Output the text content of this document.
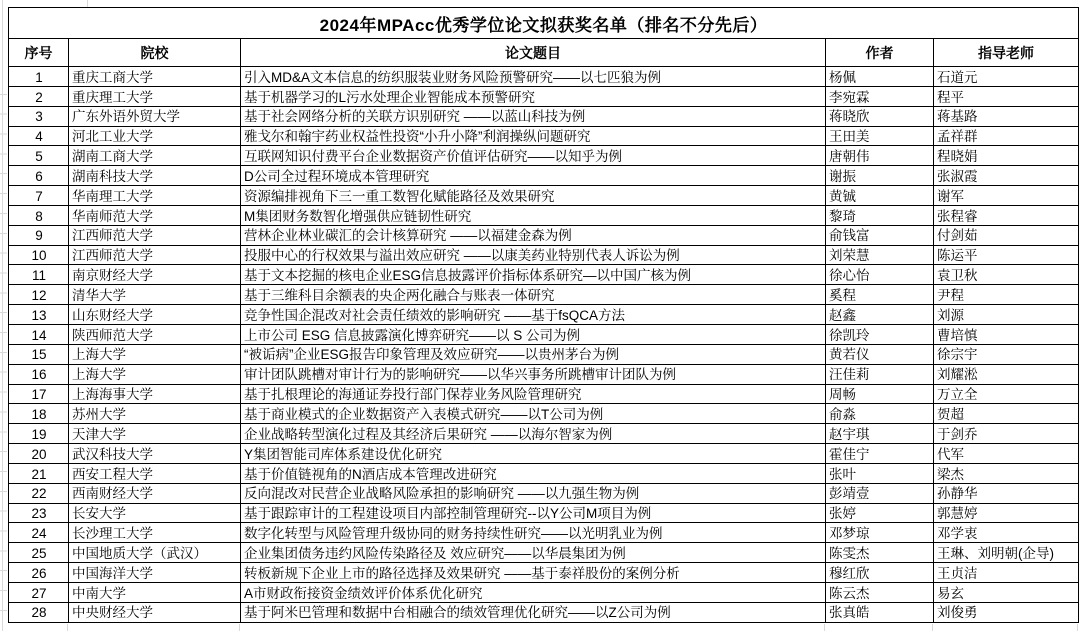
2024年MPAcc优秀学位论文拟获奖名单（排名不分先后）				
序号	院校	论文题目	作者	指导老师
1	重庆工商大学	引入MD&A文本信息的纺织服装业财务风险预警研究——以七匹狼为例	杨佩	石道元
2	重庆理工大学	基于机器学习的L污水处理企业智能成本预警研究	李宛霖	程平
3	广东外语外贸大学	基于社会网络分析的关联方识别研究 ——以蓝山科技为例	蒋晓欣	蒋基路
4	河北工业大学	雅戈尔和翰宇药业权益性投资“小升小降”利润操纵问题研究	王田美	孟祥群
5	湖南工商大学	互联网知识付费平台企业数据资产价值评估研究——以知乎为例	唐朝伟	程晓娟
6	湖南科技大学	D公司全过程环境成本管理研究	谢振	张淑霞
7	华南理工大学	资源编排视角下三一重工数智化赋能路径及效果研究	黄铖	谢军
8	华南师范大学	M集团财务数智化增强供应链韧性研究	黎琦	张程睿
9	江西师范大学	营林企业林业碳汇的会计核算研究 ——以福建金森为例	俞钱富	付剑茹
10	江西师范大学	投服中心的行权效果与溢出效应研究 ——以康美药业特别代表人诉讼为例	刘荣慧	陈运平
11	南京财经大学	基于文本挖掘的核电企业ESG信息披露评价指标体系研究—以中国广核为例	徐心怡	袁卫秋
12	清华大学	基于三维科目余额表的央企两化融合与账表一体研究	奚程	尹程
13	山东财经大学	竞争性国企混改对社会责任绩效的影响研究 ——基于fsQCA方法	赵鑫	刘源
14	陕西师范大学	上市公司 ESG 信息披露演化博弈研究——以 S 公司为例	徐凯玲	曹培慎
15	上海大学	“被诟病”企业ESG报告印象管理及效应研究——以贵州茅台为例	黄若仪	徐宗宇
16	上海大学	审计团队跳槽对审计行为的影响研究——以华兴事务所跳槽审计团队为例	汪佳莉	刘耀淞
17	上海海事大学	基于扎根理论的海通证券投行部门保荐业务风险管理研究	周畅	万立全
18	苏州大学	基于商业模式的企业数据资产入表模式研究——以T公司为例	俞淼	贺超
19	天津大学	企业战略转型演化过程及其经济后果研究 ——以海尔智家为例	赵宇琪	于剑乔
20	武汉科技大学	Y集团智能司库体系建设优化研究	霍佳宁	代军
21	西安工程大学	基于价值链视角的N酒店成本管理改进研究	张叶	梁杰
22	西南财经大学	反向混改对民营企业战略风险承担的影响研究 ——以九强生物为例	彭靖壹	孙静华
23	长安大学	基于跟踪审计的工程建设项目内部控制管理研究--以Y公司M项目为例	张婷	郭慧婷
24	长沙理工大学	数字化转型与风险管理升级协同的财务持续性研究——以光明乳业为例	邓梦琼	邓学衷
25	中国地质大学（武汉）	企业集团债务违约风险传染路径及 效应研究——以华晨集团为例	陈雯杰	王琳、刘明朝(企导)
26	中国海洋大学	转板新规下企业上市的路径选择及效果研究 ——基于泰祥股份的案例分析	穆红欣	王贞洁
27	中南大学	A市财政衔接资金绩效评价体系优化研究	陈云杰	易玄
28	中央财经大学	基于阿米巴管理和数据中台相融合的绩效管理优化研究——以Z公司为例	张真皓	刘俊勇
